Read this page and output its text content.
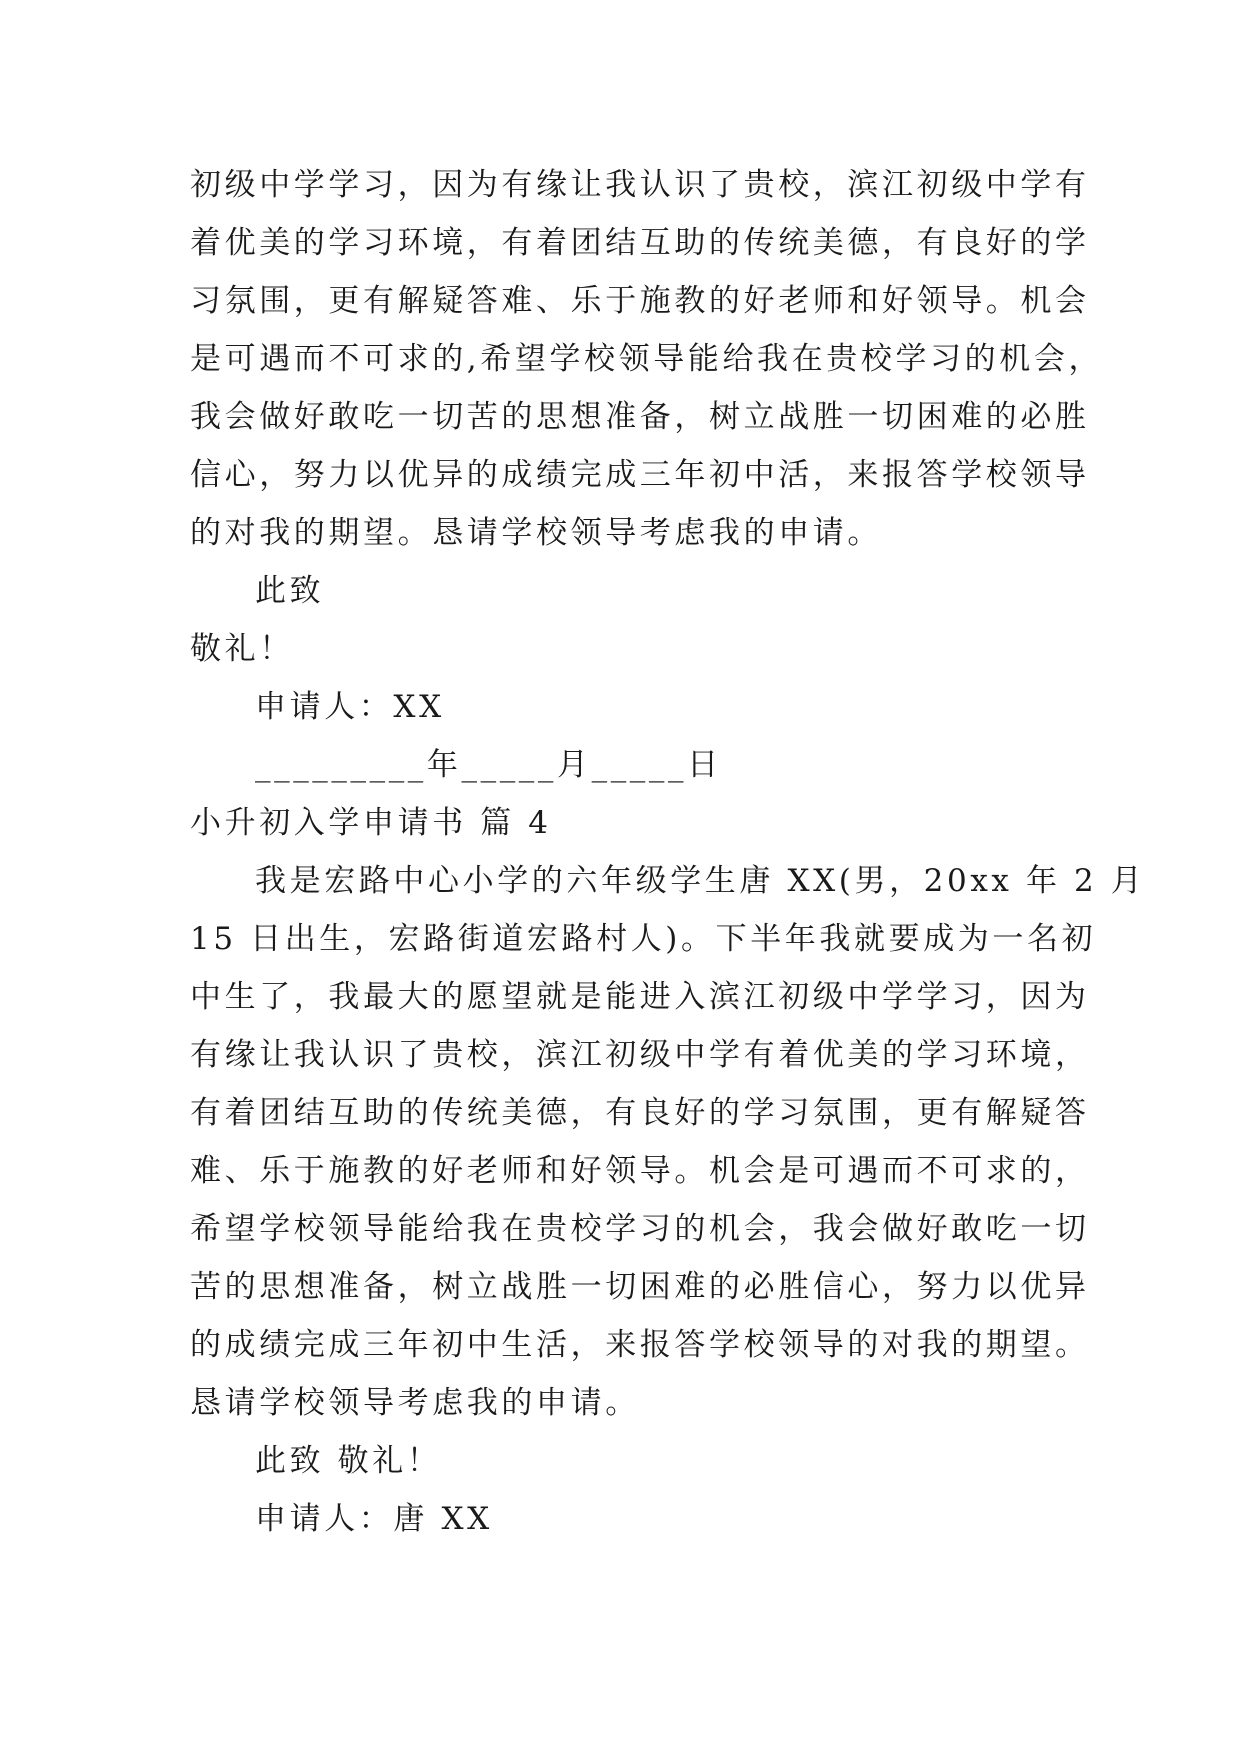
初级中学学习，因为有缘让我认识了贵校，滨江初级中学有
着优美的学习环境，有着团结互助的传统美德，有良好的学
习氛围，更有解疑答难、乐于施教的好老师和好领导。机会
是可遇而不可求的,希望学校领导能给我在贵校学习的机会，
我会做好敢吃一切苦的思想准备，树立战胜一切困难的必胜
信心，努力以优异的成绩完成三年初中活，来报答学校领导
的对我的期望。恳请学校领导考虑我的申请。
此致
敬礼！
申请人：XX
_________年_____月_____日
小升初入学申请书 篇 4
我是宏路中心小学的六年级学生唐 XX(男，20xx 年 2 月
15 日出生，宏路街道宏路村人)。下半年我就要成为一名初
中生了，我最大的愿望就是能进入滨江初级中学学习，因为
有缘让我认识了贵校，滨江初级中学有着优美的学习环境，
有着团结互助的传统美德，有良好的学习氛围，更有解疑答
难、乐于施教的好老师和好领导。机会是可遇而不可求的，
希望学校领导能给我在贵校学习的机会，我会做好敢吃一切
苦的思想准备，树立战胜一切困难的必胜信心，努力以优异
的成绩完成三年初中生活，来报答学校领导的对我的期望。
恳请学校领导考虑我的申请。
此致 敬礼！
申请人：唐 XX
